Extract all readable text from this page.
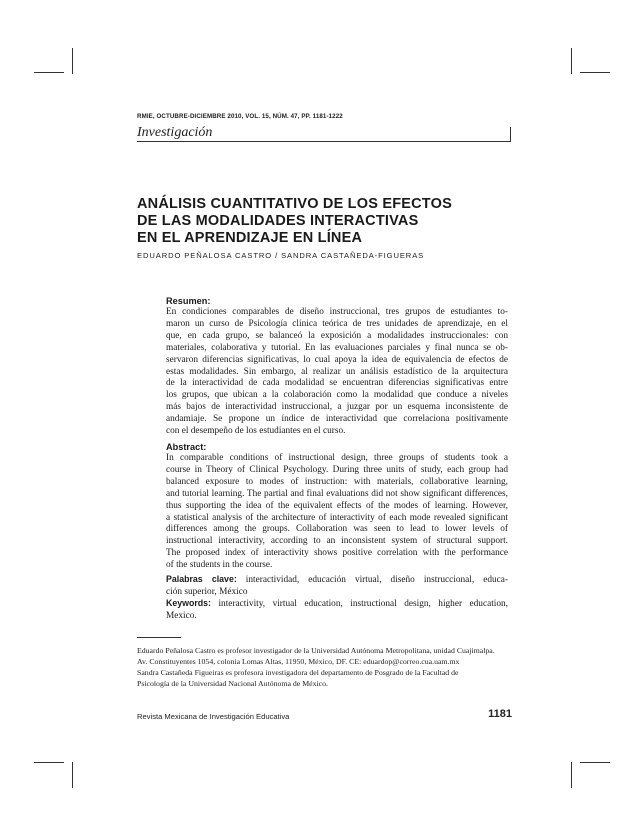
RMIE, OCTUBRE-DICIEMBRE 2010, VOL. 15, NÚM. 47, PP. 1181-1222
Investigación
ANÁLISIS CUANTITATIVO DE LOS EFECTOS
DE LAS MODALIDADES INTERACTIVAS
EN EL APRENDIZAJE EN LÍNEA
EDUARDO PEÑALOSA CASTRO / SANDRA CASTAÑEDA-FIGUERAS
Resumen:
En condiciones comparables de diseño instruccional, tres grupos de estudiantes to-
maron un curso de Psicología clínica teórica de tres unidades de aprendizaje, en el
que, en cada grupo, se balanceó la exposición a modalidades instruccionales: con
materiales, colaborativa y tutorial. En las evaluaciones parciales y final nunca se ob-
servaron diferencias significativas, lo cual apoya la idea de equivalencia de efectos de
estas modalidades. Sin embargo, al realizar un análisis estadístico de la arquitectura
de la interactividad de cada modalidad se encuentran diferencias significativas entre
los grupos, que ubican a la colaboración como la modalidad que conduce a niveles
más bajos de interactividad instruccional, a juzgar por un esquema inconsistente de
andamiaje. Se propone un índice de interactividad que correlaciona positivamente
con el desempeño de los estudiantes en el curso.
Abstract:
In comparable conditions of instructional design, three groups of students took a
course in Theory of Clinical Psychology. During three units of study, each group had
balanced exposure to modes of instruction: with materials, collaborative learning,
and tutorial learning. The partial and final evaluations did not show significant differences,
thus supporting the idea of the equivalent effects of the modes of learning. However,
a statistical analysis of the architecture of interactivity of each mode revealed significant
differences among the groups. Collaboration was seen to lead to lower levels of
instructional interactivity, according to an inconsistent system of structural support.
The proposed index of interactivity shows positive correlation with the performance
of the students in the course.
Palabras clave: interactividad, educación virtual, diseño instruccional, educa-
ción superior, México
Keywords: interactivity, virtual education, instructional design, higher education,
Mexico.
Eduardo Peñalosa Castro es profesor investigador de la Universidad Autónoma Metropolitana, unidad Cuajimalpa.
Av. Constituyentes 1054, colonia Lomas Altas, 11950, México, DF. CE: eduardop@correo.cua.uam.mx
Sandra Castañeda Figueiras es profesora investigadora del departamento de Posgrado de la Facultad de
Psicología de la Universidad Nacional Autónoma de México.
Revista Mexicana de Investigación Educativa	1181
